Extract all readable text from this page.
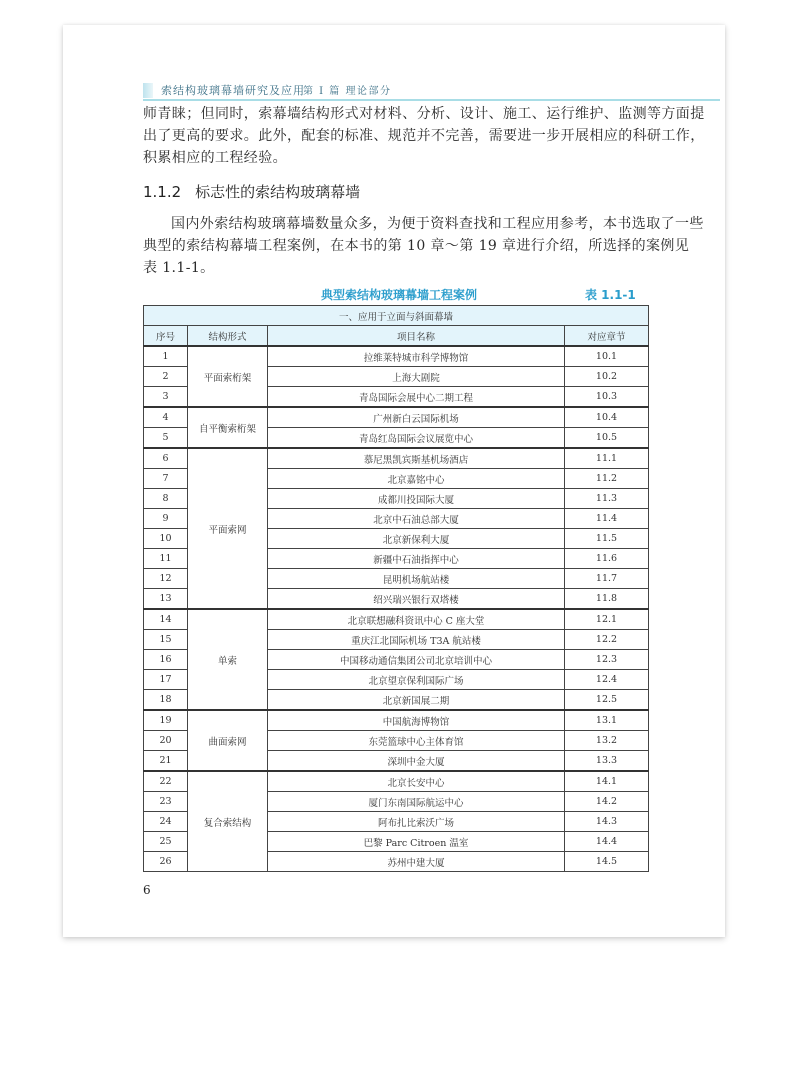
索结构玻璃幕墙研究及应用
第 I 篇 理论部分

师青睐；但同时，索幕墙结构形式对材料、分析、设计、施工、运行维护、监测等方面提
出了更高的要求。此外，配套的标准、规范并不完善，需要进一步开展相应的科研工作，
积累相应的工程经验。

1.1.2 标志性的索结构玻璃幕墙

国内外索结构玻璃幕墙数量众多，为便于资料查找和工程应用参考，本书选取了一些
典型的索结构幕墙工程案例，在本书的第 10 章～第 19 章进行介绍，所选择的案例见
表 1.1-1。

典型索结构玻璃幕墙工程案例	表 1.1-1
一、应用于立面与斜面幕墙			
序号	结构形式	项目名称	对应章节
1	平面索桁架	拉维莱特城市科学博物馆	10.1
2		上海大剧院	10.2
3		青岛国际会展中心二期工程	10.3
4	自平衡索桁架	广州新白云国际机场	10.4
5		青岛红岛国际会议展览中心	10.5
6	平面索网	慕尼黑凯宾斯基机场酒店	11.1
7		北京嘉铭中心	11.2
8		成都川投国际大厦	11.3
9		北京中石油总部大厦	11.4
10		北京新保利大厦	11.5
11		新疆中石油指挥中心	11.6
12		昆明机场航站楼	11.7
13		绍兴瑞兴银行双塔楼	11.8
14	单索	北京联想融科资讯中心 C 座大堂	12.1
15		重庆江北国际机场 T3A 航站楼	12.2
16		中国移动通信集团公司北京培训中心	12.3
17		北京望京保利国际广场	12.4
18		北京新国展二期	12.5
19	曲面索网	中国航海博物馆	13.1
20		东莞篮球中心主体育馆	13.2
21		深圳中金大厦	13.3
22	复合索结构	北京长安中心	14.1
23		厦门东南国际航运中心	14.2
24		阿布扎比索沃广场	14.3
25		巴黎 Parc Citroen 温室	14.4
26		苏州中建大厦	14.5
6
